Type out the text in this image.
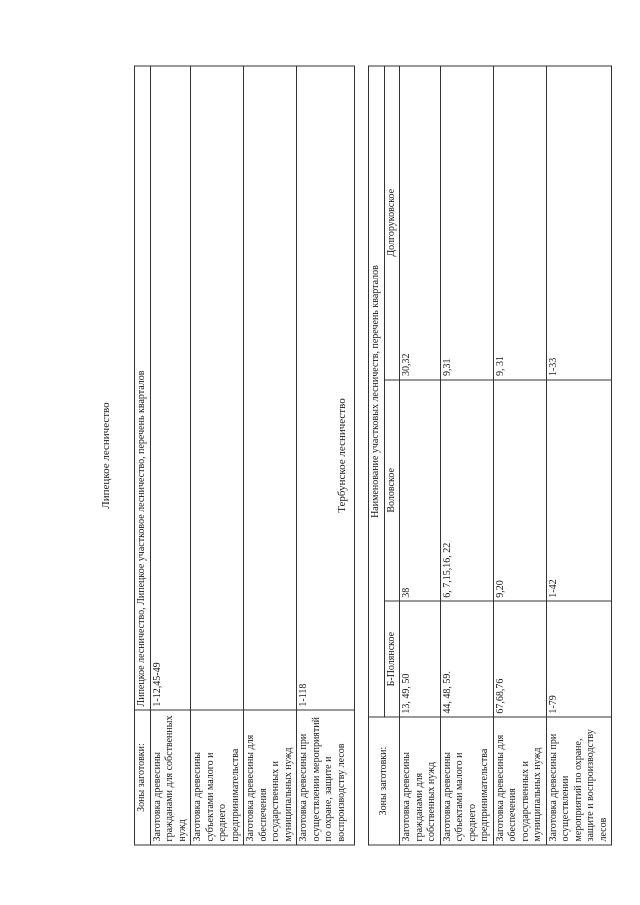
Липецкое лесничество
Зоны заготовки:	Липецкое лесничество, Липецкое участковое лесничество, перечень кварталов
Заготовка древесины гражданами для собственных нужд	1-12,45-49
Заготовка древесины субъектами малого и среднего предпринимательства	
Заготовка древесины для обеспечения государственных и муниципальных нужд	
Заготовка древесины при осуществлении мероприятий по охране, защите и воспроизводству лесов	1-118
Тербунское лесничество
Зоны заготовки:	Наименование участковых лесничеств, перечень кварталов		
	Б-Полянское	Воловское	Долгоруковское
Заготовка древесины гражданами для собственных нужд	13, 49, 50	38	30,32
Заготовка древесины субъектами малого и среднего предпринимательства	44, 48, 59.	6, 7,15,16, 22	9,31
Заготовка древесины для обеспечения государственных и муниципальных нужд	67,68,76	9,20	9, 31
Заготовка древесины при осуществлении мероприятий по охране, защите и воспроизводству лесов	1-79	1-42	1-33
